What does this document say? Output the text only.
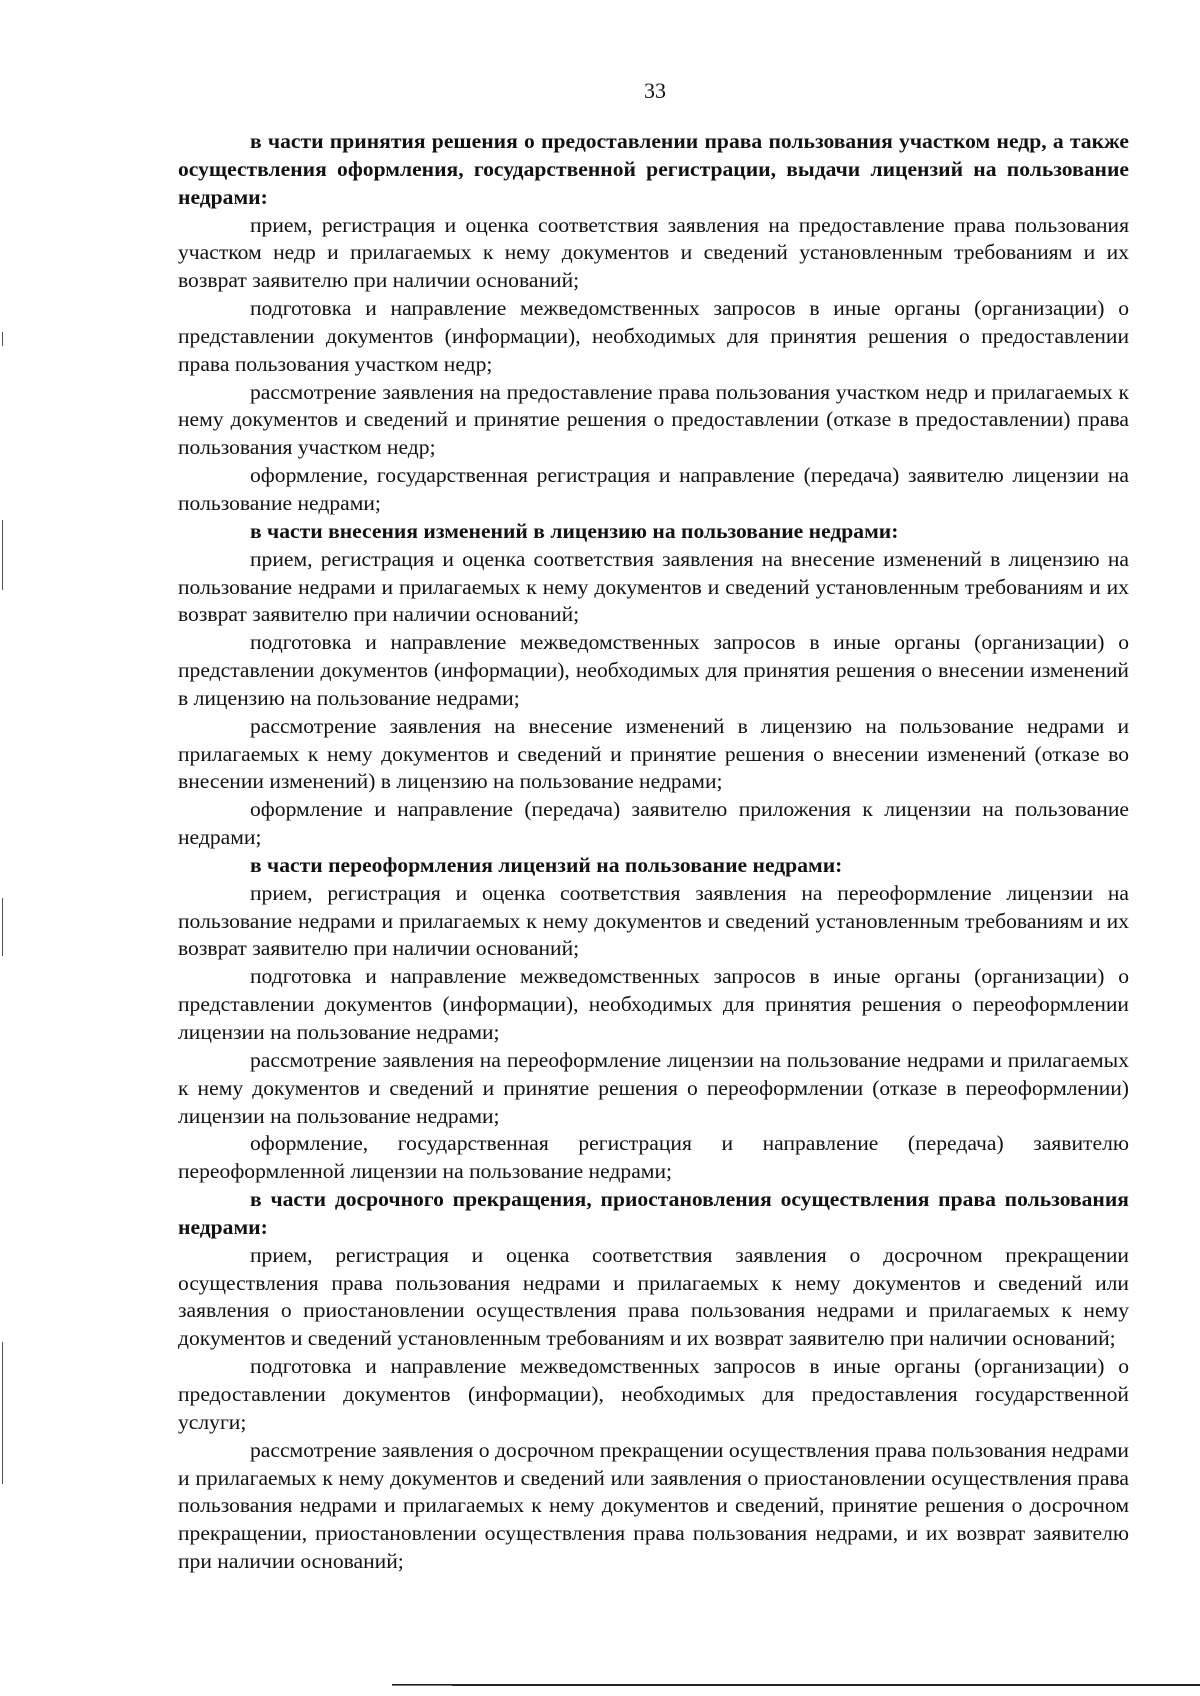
33

в части принятия решения о предоставлении права пользования участком недр, а также осуществления оформления, государственной регистрации, выдачи лицензий на пользование недрами:

прием, регистрация и оценка соответствия заявления на предоставление права пользования участком недр и прилагаемых к нему документов и сведений установленным требованиям и их возврат заявителю при наличии оснований;

подготовка и направление межведомственных запросов в иные органы (организации) о представлении документов (информации), необходимых для принятия решения о предоставлении права пользования участком недр;

рассмотрение заявления на предоставление права пользования участком недр и прилагаемых к нему документов и сведений и принятие решения о предоставлении (отказе в предоставлении) права пользования участком недр;

оформление, государственная регистрация и направление (передача) заявителю лицензии на пользование недрами;

в части внесения изменений в лицензию на пользование недрами:

прием, регистрация и оценка соответствия заявления на внесение изменений в лицензию на пользование недрами и прилагаемых к нему документов и сведений установленным требованиям и их возврат заявителю при наличии оснований;

подготовка и направление межведомственных запросов в иные органы (организации) о представлении документов (информации), необходимых для принятия решения о внесении изменений в лицензию на пользование недрами;

рассмотрение заявления на внесение изменений в лицензию на пользование недрами и прилагаемых к нему документов и сведений и принятие решения о внесении изменений (отказе во внесении изменений) в лицензию на пользование недрами;

оформление и направление (передача) заявителю приложения к лицензии на пользование недрами;

в части переоформления лицензий на пользование недрами:

прием, регистрация и оценка соответствия заявления на переоформление лицензии на пользование недрами и прилагаемых к нему документов и сведений установленным требованиям и их возврат заявителю при наличии оснований;

подготовка и направление межведомственных запросов в иные органы (организации) о представлении документов (информации), необходимых для принятия решения о переоформлении лицензии на пользование недрами;

рассмотрение заявления на переоформление лицензии на пользование недрами и прилагаемых к нему документов и сведений и принятие решения о переоформлении (отказе в переоформлении) лицензии на пользование недрами;

оформление, государственная регистрация и направление (передача) заявителю переоформленной лицензии на пользование недрами;

в части досрочного прекращения, приостановления осуществления права пользования недрами:

прием, регистрация и оценка соответствия заявления о досрочном прекращении осуществления права пользования недрами и прилагаемых к нему документов и сведений или заявления о приостановлении осуществления права пользования недрами и прилагаемых к нему документов и сведений установленным требованиям и их возврат заявителю при наличии оснований;

подготовка и направление межведомственных запросов в иные органы (организации) о предоставлении документов (информации), необходимых для предоставления государственной услуги;

рассмотрение заявления о досрочном прекращении осуществления права пользования недрами и прилагаемых к нему документов и сведений или заявления о приостановлении осуществления права пользования недрами и прилагаемых к нему документов и сведений, принятие решения о досрочном прекращении, приостановлении осуществления права пользования недрами, и их возврат заявителю при наличии оснований;
